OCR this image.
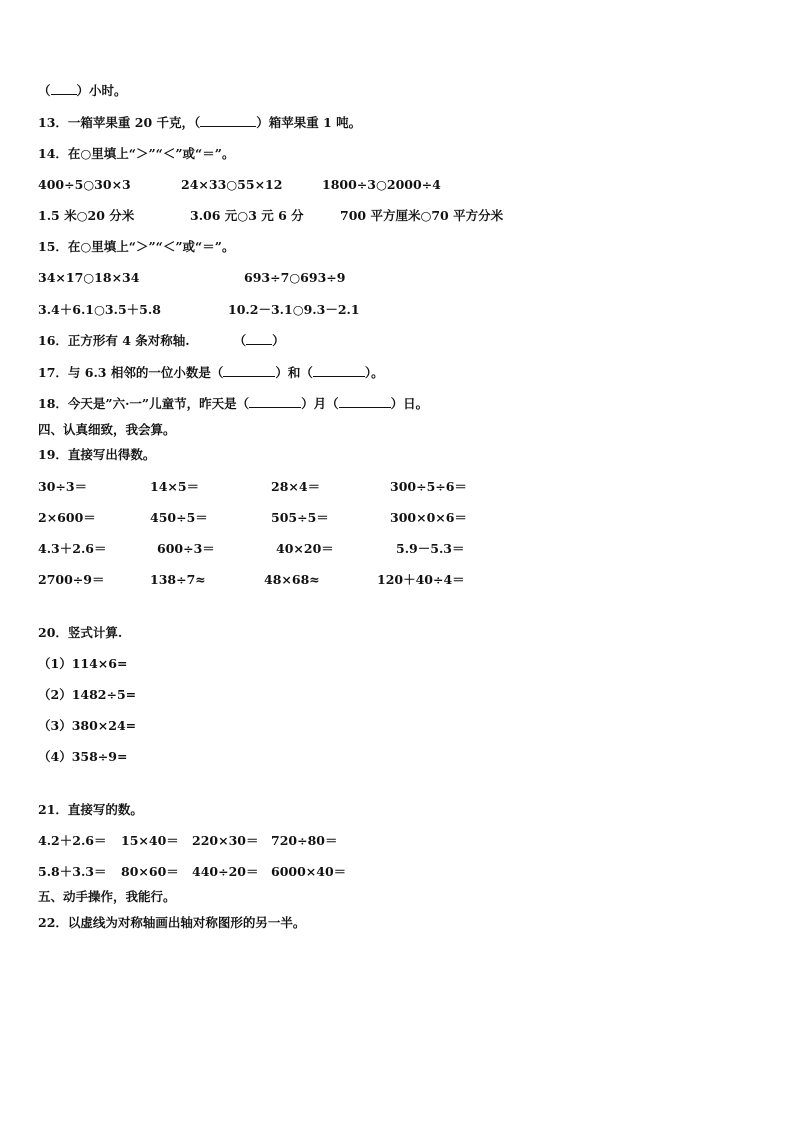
（ ）小时。
13．一箱苹果重 20 千克，（	）箱苹果重 1 吨。
14．在○里填上“＞”“＜”或“＝”。
400÷5○30×3	24×33○55×12	1800÷3○2000÷4
1.5 米○20 分米	3.06 元○3 元 6 分	700 平方厘米○70 平方分米
15．在○里填上“＞”“＜”或“＝”。
34×17○18×34	693÷7○693÷9
3.4＋6.1○3.5＋5.8	10.2－3.1○9.3－2.1
16．正方形有 4 条对称轴.	（ ）
17．与 6.3 相邻的一位小数是（	）和（	）。
18．今天是”六·一”儿童节，昨天是（	）月（	）日。
四、认真细致，我会算。
19．直接写出得数。
30÷3＝	14×5＝	28×4＝	300÷5÷6＝
2×600＝	450÷5＝	505÷5＝	300×0×6＝
4.3＋2.6＝	600÷3＝	40×20＝	5.9－5.3＝
2700÷9＝	138÷7≈	48×68≈	120＋40÷4＝
20．竖式计算.
（1）114×6=
（2）1482÷5=
（3）380×24=
（4）358÷9=
21．直接写的数。
4.2＋2.6＝ 15×40＝ 220×30＝ 720÷80＝
5.8＋3.3＝ 80×60＝ 440÷20＝ 6000×40＝
五、动手操作，我能行。
22．以虚线为对称轴画出轴对称图形的另一半。
